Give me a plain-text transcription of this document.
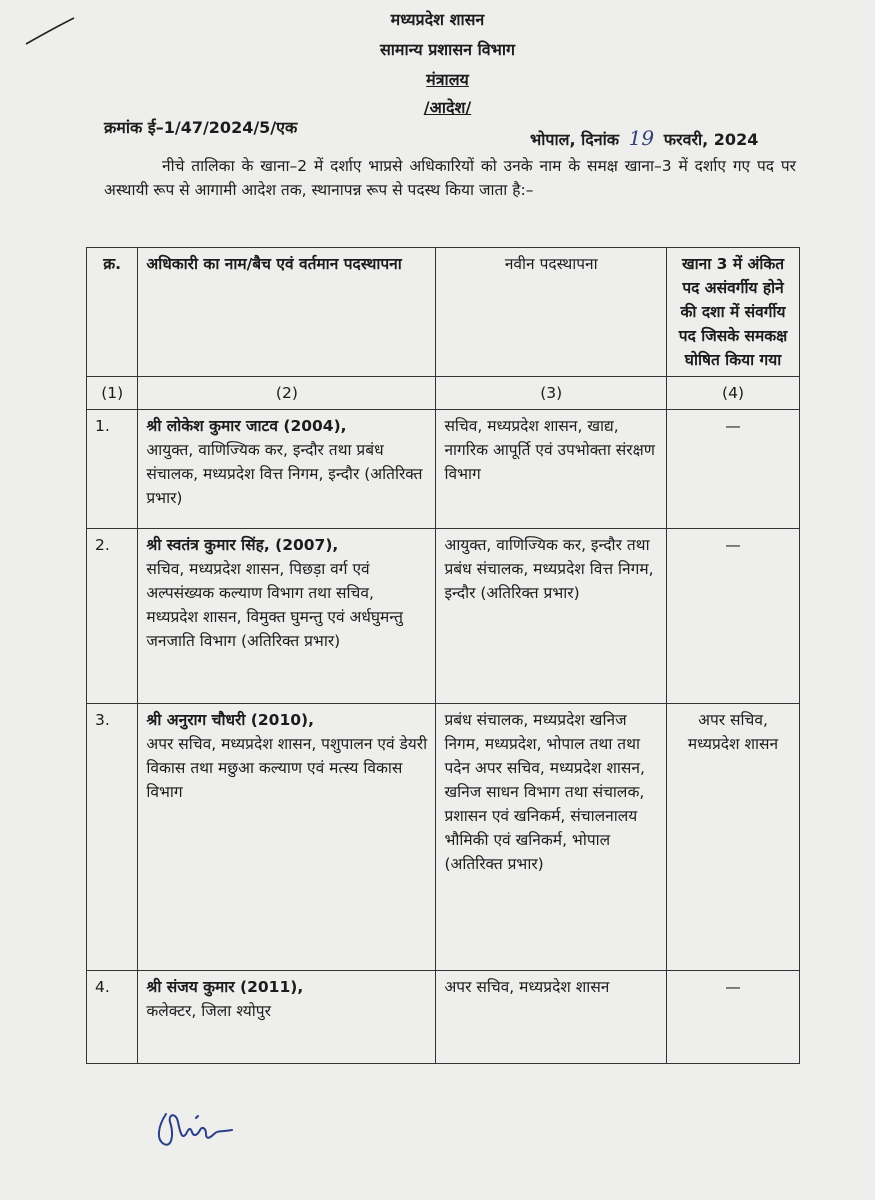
मध्यप्रदेश शासन
सामान्य प्रशासन विभाग
मंत्रालय
/आदेश/
क्रमांक ई–1/47/2024/5/एक
भोपाल, दिनांक 19 फरवरी, 2024
नीचे तालिका के खाना–2 में दर्शाए भाप्रसे अधिकारियों को उनके नाम के समक्ष खाना–3 में दर्शाए गए पद पर अस्थायी रूप से आगामी आदेश तक, स्थानापन्न रूप से पदस्थ किया जाता है:–
क्र.	अधिकारी का नाम/बैच एवं वर्तमान पदस्थापना	नवीन पदस्थापना	खाना 3 में अंकित पद असंवर्गीय होने की दशा में संवर्गीय पद जिसके समकक्ष घोषित किया गया
(1)	(2)	(3)	(4)
1.	श्री लोकेश कुमार जाटव (2004),
आयुक्त, वाणिज्यिक कर, इन्दौर तथा प्रबंध संचालक, मध्यप्रदेश वित्त निगम, इन्दौर (अतिरिक्त प्रभार)	सचिव, मध्यप्रदेश शासन, खाद्य, नागरिक आपूर्ति एवं उपभोक्ता संरक्षण विभाग	—
2.	श्री स्वतंत्र कुमार सिंह, (2007),
सचिव, मध्यप्रदेश शासन, पिछड़ा वर्ग एवं अल्पसंख्यक कल्याण विभाग तथा सचिव, मध्यप्रदेश शासन, विमुक्त घुमन्तु एवं अर्धघुमन्तु जनजाति विभाग (अतिरिक्त प्रभार)	आयुक्त, वाणिज्यिक कर, इन्दौर तथा प्रबंध संचालक, मध्यप्रदेश वित्त निगम, इन्दौर (अतिरिक्त प्रभार)	—
3.	श्री अनुराग चौधरी (2010),
अपर सचिव, मध्यप्रदेश शासन, पशुपालन एवं डेयरी विकास तथा मछुआ कल्याण एवं मत्स्य विकास विभाग	प्रबंध संचालक, मध्यप्रदेश खनिज निगम, मध्यप्रदेश, भोपाल तथा तथा पदेन अपर सचिव, मध्यप्रदेश शासन, खनिज साधन विभाग तथा संचालक, प्रशासन एवं खनिकर्म, संचालनालय भौमिकी एवं खनिकर्म, भोपाल (अतिरिक्त प्रभार)	अपर सचिव, मध्यप्रदेश शासन
4.	श्री संजय कुमार (2011),
कलेक्टर, जिला श्योपुर	अपर सचिव, मध्यप्रदेश शासन	—
